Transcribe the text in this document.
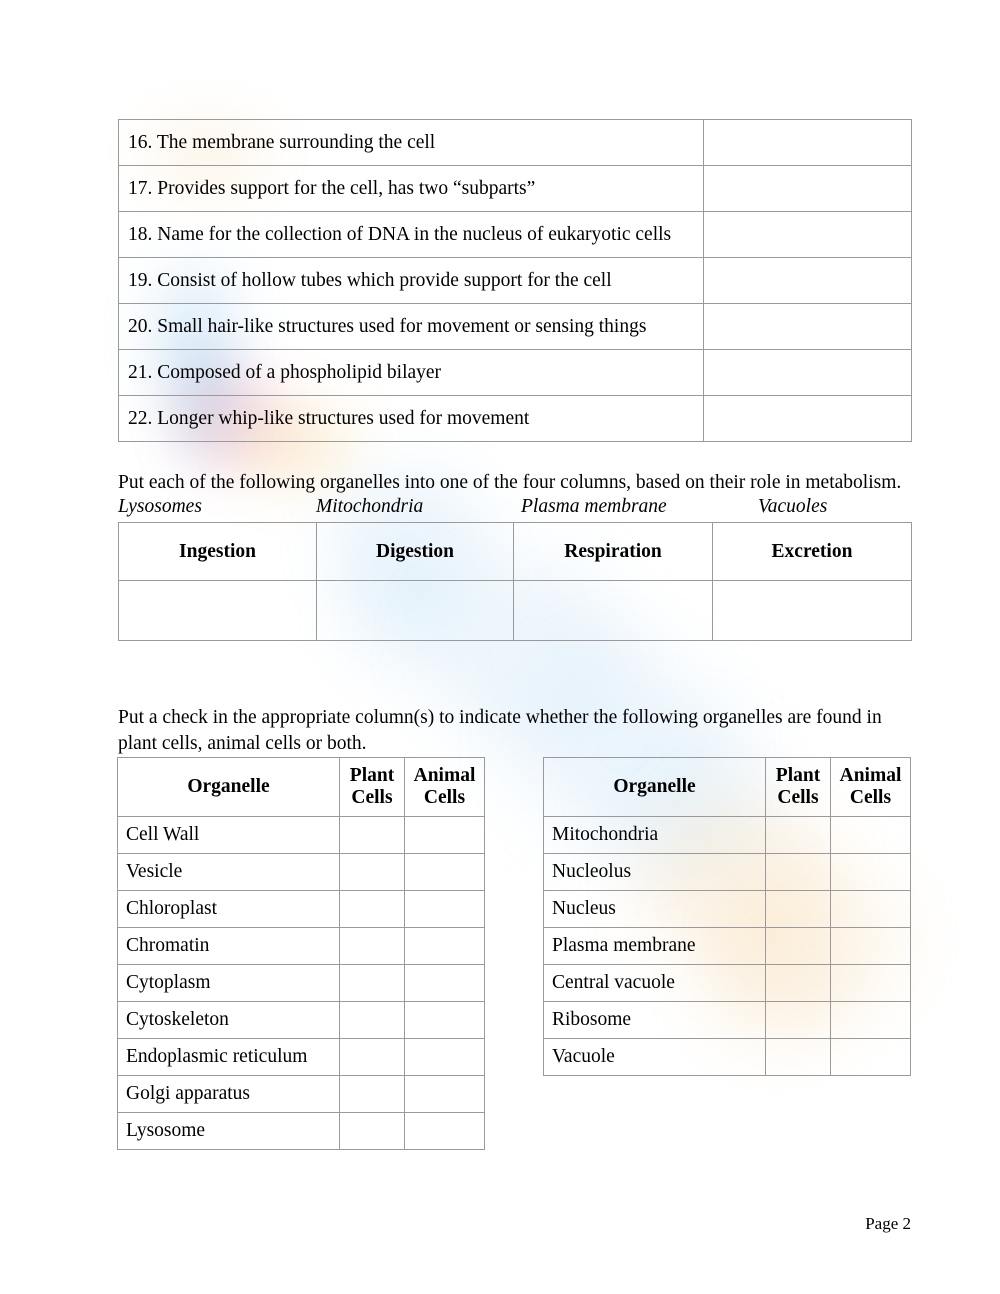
16. The membrane surrounding the cell	
17. Provides support for the cell, has two “subparts”	
18. Name for the collection of DNA in the nucleus of eukaryotic cells	
19. Consist of hollow tubes which provide support for the cell	
20. Small hair-like structures used for movement or sensing things	
21. Composed of a phospholipid bilayer	
22. Longer whip-like structures used for movement	
Put each of the following organelles into one of the four columns, based on their role in metabolism.
Lysosomes	Mitochondria	Plasma membrane	Vacuoles
Ingestion	Digestion	Respiration	Excretion

Put a check in the appropriate column(s) to indicate whether the following organelles are found in plant cells, animal cells or both.
Organelle	Plant Cells	Animal Cells
Cell Wall		
Vesicle		
Chloroplast		
Chromatin		
Cytoplasm		
Cytoskeleton		
Endoplasmic reticulum		
Golgi apparatus		
Lysosome		
Organelle	Plant Cells	Animal Cells
Mitochondria		
Nucleolus		
Nucleus		
Plasma membrane		
Central vacuole		
Ribosome		
Vacuole		
Page 2
